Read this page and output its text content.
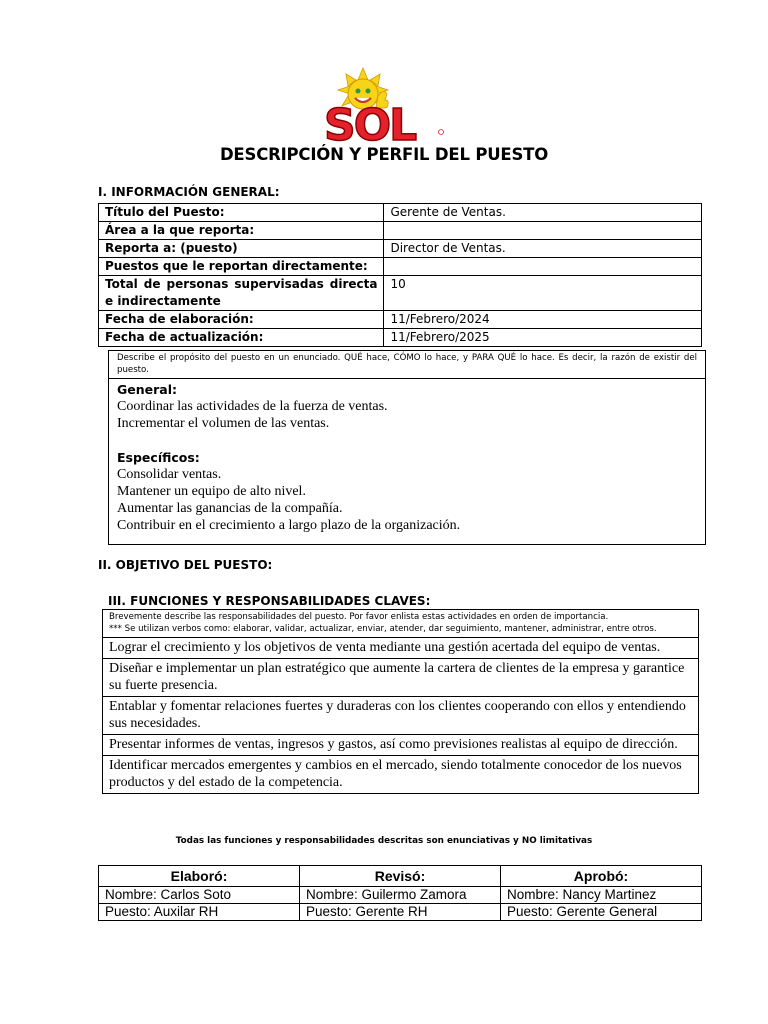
SOL
DESCRIPCIÓN Y PERFIL DEL PUESTO
I. INFORMACIÓN GENERAL:
Título del Puesto:	Gerente de Ventas.
Área a la que reporta:	
Reporta a: (puesto)	Director de Ventas.
Puestos que le reportan directamente:	
Total de personas supervisadas directa e indirectamente	10
Fecha de elaboración:	11/Febrero/2024
Fecha de actualización:	11/Febrero/2025
Describe el propósito del puesto en un enunciado. QUÉ hace, CÓMO lo hace, y PARA QUÉ lo hace. Es decir, la razón de existir del puesto.
General:
Coordinar las actividades de la fuerza de ventas.
Incrementar el volumen de las ventas.
Específicos:
Consolidar ventas.
Mantener un equipo de alto nivel.
Aumentar las ganancias de la compañía.
Contribuir en el crecimiento a largo plazo de la organización.
II. OBJETIVO DEL PUESTO:
III. FUNCIONES Y RESPONSABILIDADES CLAVES:
Brevemente describe las responsabilidades del puesto. Por favor enlista estas actividades en orden de importancia.
*** Se utilizan verbos como: elaborar, validar, actualizar, enviar, atender, dar seguimiento, mantener, administrar, entre otros.

Lograr el crecimiento y los objetivos de venta mediante una gestión acertada del equipo de ventas.
Diseñar e implementar un plan estratégico que aumente la cartera de clientes de la empresa y garantice su fuerte presencia.
Entablar y fomentar relaciones fuertes y duraderas con los clientes cooperando con ellos y entendiendo sus necesidades.
Presentar informes de ventas, ingresos y gastos, así como previsiones realistas al equipo de dirección.
Identificar mercados emergentes y cambios en el mercado, siendo totalmente conocedor de los nuevos productos y del estado de la competencia.
Todas las funciones y responsabilidades descritas son enunciativas y NO limitativas
Elaboró:	Revisó:	Aprobó:
Nombre: Carlos Soto	Nombre: Guilermo Zamora	Nombre: Nancy Martinez
Puesto: Auxilar RH	Puesto: Gerente RH	Puesto: Gerente General
